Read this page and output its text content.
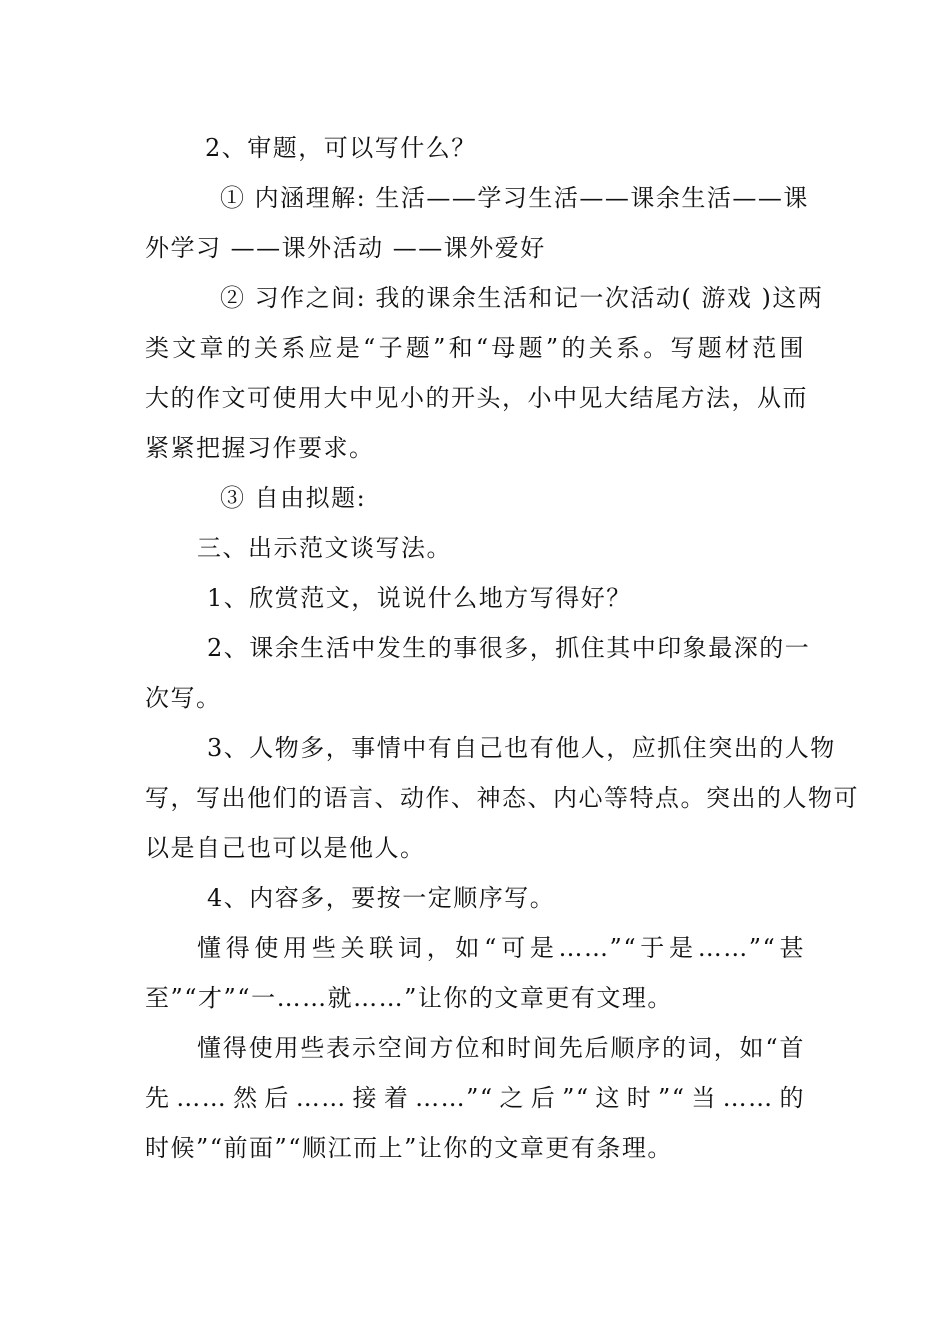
2、审题，可以写什么？
① 内涵理解: 生活——学习生活——课余生活——课
外学习 ——课外活动 ——课外爱好
② 习作之间: 我的课余生活和记一次活动( 游戏 )这两
类文章的关系应是“子题”和“母题”的关系。写题材范围
大的作文可使用大中见小的开头，小中见大结尾方法，从而
紧紧把握习作要求。
③ 自由拟题:
三、出示范文谈写法。
1、欣赏范文，说说什么地方写得好？
2、课余生活中发生的事很多，抓住其中印象最深的一
次写。
3、人物多，事情中有自己也有他人，应抓住突出的人物
写，写出他们的语言、动作、神态、内心等特点。突出的人物可
以是自己也可以是他人。
4、内容多，要按一定顺序写。
懂得使用些关联词，如“可是……”“于是……”“甚
至”“才”“一……就……”让你的文章更有文理。
懂得使用些表示空间方位和时间先后顺序的词，如“首
先……然后……接着……”“之后”“这时”“当……的
时候”“前面”“顺江而上”让你的文章更有条理。
